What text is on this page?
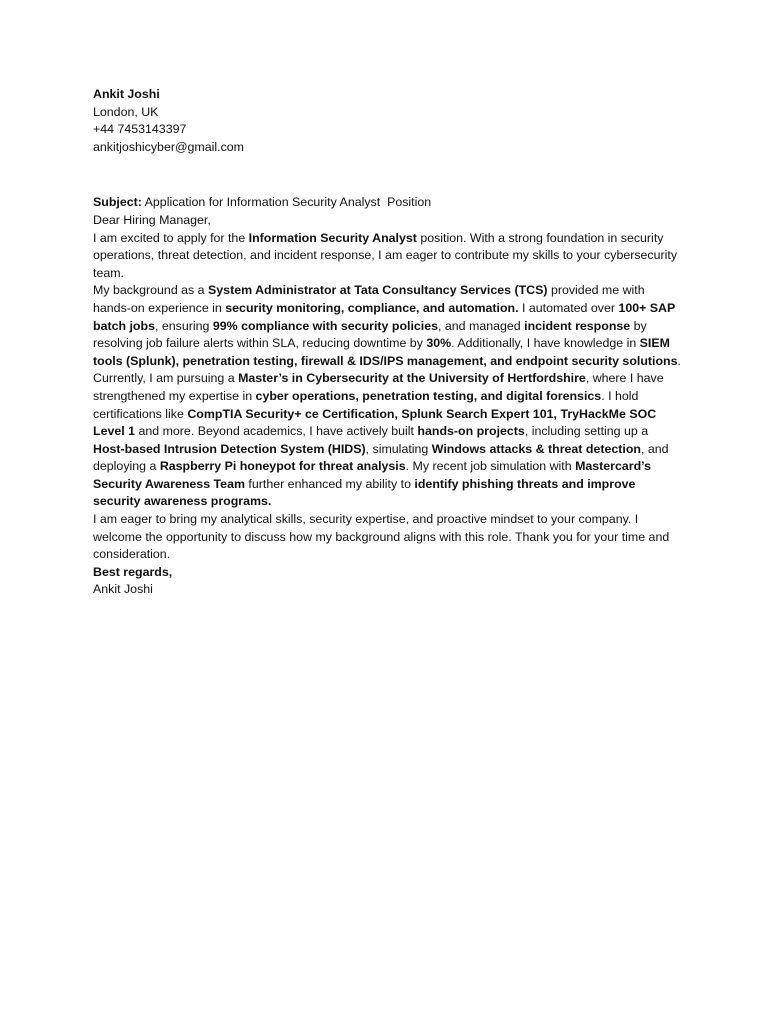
Ankit Joshi

London, UK

+44 7453143397

ankitjoshicyber@gmail.com

Subject: Application for Information Security Analyst  Position

Dear Hiring Manager,

I am excited to apply for the Information Security Analyst position. With a strong foundation in security operations, threat detection, and incident response, I am eager to contribute my skills to your cybersecurity team.

My background as a System Administrator at Tata Consultancy Services (TCS) provided me with hands-on experience in security monitoring, compliance, and automation. I automated over 100+ SAP batch jobs, ensuring 99% compliance with security policies, and managed incident response by resolving job failure alerts within SLA, reducing downtime by 30%. Additionally, I have knowledge in SIEM tools (Splunk), penetration testing, firewall & IDS/IPS management, and endpoint security solutions.

Currently, I am pursuing a Master’s in Cybersecurity at the University of Hertfordshire, where I have strengthened my expertise in cyber operations, penetration testing, and digital forensics. I hold certifications like CompTIA Security+ ce Certification, Splunk Search Expert 101, TryHackMe SOC Level 1 and more. Beyond academics, I have actively built hands-on projects, including setting up a Host-based Intrusion Detection System (HIDS), simulating Windows attacks & threat detection, and deploying a Raspberry Pi honeypot for threat analysis. My recent job simulation with Mastercard’s Security Awareness Team further enhanced my ability to identify phishing threats and improve security awareness programs.

I am eager to bring my analytical skills, security expertise, and proactive mindset to your company. I welcome the opportunity to discuss how my background aligns with this role. Thank you for your time and consideration.

Best regards,

Ankit Joshi
